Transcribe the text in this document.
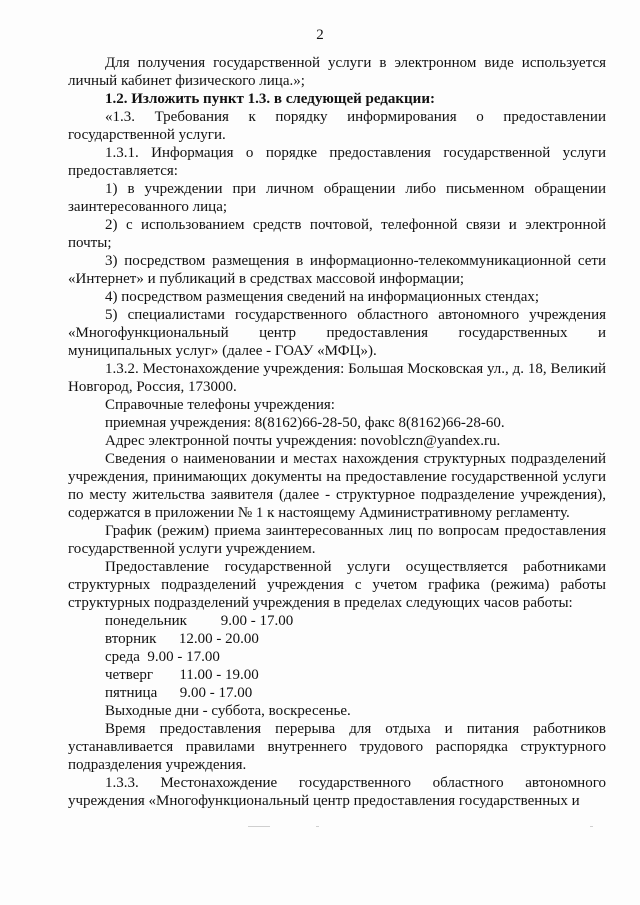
2

Для получения государственной услуги в электронном виде используется личный кабинет физического лица.»;

1.2. Изложить пункт 1.3. в следующей редакции:

«1.3. Требования к порядку информирования о предоставлении государственной услуги.

1.3.1. Информация о порядке предоставления государственной услуги предоставляется:

1) в учреждении при личном обращении либо письменном обращении заинтересованного лица;

2) с использованием средств почтовой, телефонной связи и электронной почты;

3) посредством размещения в информационно-телекоммуникационной сети «Интернет» и публикаций в средствах массовой информации;

4) посредством размещения сведений на информационных стендах;

5) специалистами государственного областного автономного учреждения «Многофункциональный центр предоставления государственных и муниципальных услуг» (далее - ГОАУ «МФЦ»).

1.3.2. Местонахождение учреждения: Большая Московская ул., д. 18, Великий Новгород, Россия, 173000.

Справочные телефоны учреждения:

приемная учреждения: 8(8162)66-28-50, факс 8(8162)66-28-60.

Адрес электронной почты учреждения: novoblczn@yandex.ru.

Сведения о наименовании и местах нахождения структурных подразделений учреждения, принимающих документы на предоставление государственной услуги по месту жительства заявителя (далее - структурное подразделение учреждения), содержатся в приложении № 1 к настоящему Административному регламенту.

График (режим) приема заинтересованных лиц по вопросам предоставления государственной услуги учреждением.

Предоставление государственной услуги осуществляется работниками структурных подразделений учреждения с учетом графика (режима) работы структурных подразделений учреждения в пределах следующих часов работы:

понедельник 9.00 - 17.00
вторник 12.00 - 20.00
среда 9.00 - 17.00
четверг 11.00 - 19.00
пятница 9.00 - 17.00

Выходные дни - суббота, воскресенье.

Время предоставления перерыва для отдыха и питания работников устанавливается правилами внутреннего трудового распорядка структурного подразделения учреждения.

1.3.3. Местонахождение государственного областного автономного учреждения «Многофункциональный центр предоставления государственных и
